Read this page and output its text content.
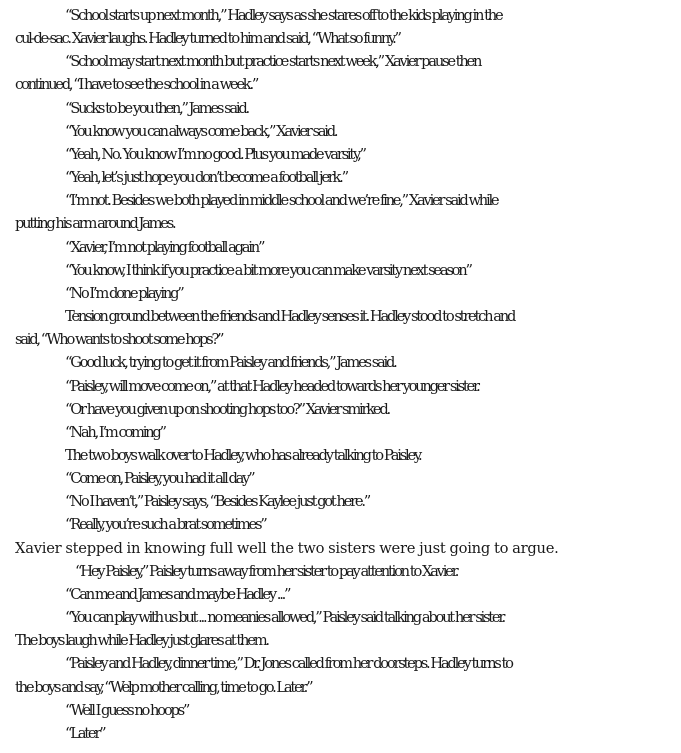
“School starts up next month,” Hadley says as she stares off to the kids playing in the
cul-de-sac. Xavier laughs. Hadley turned to him and said, “What so funny.”

“School may start next month but practice starts next week,” Xavier pause then
continued, “I have to see the school in a week.”

“Sucks to be you then,” James said.

“You know you can always come back,” Xavier said.

“Yeah, No. You know I’m no good. Plus you made varsity,”

“Yeah, let’s just hope you don’t become a football jerk.”

“I’m not. Besides we both played in middle school and we’re fine,” Xavier said while
putting his arm around James.

“Xavier, I’m not playing football again”

“You know, I think if you practice a bit more you can make varsity next season”

“No I’m done playing”

Tension ground between the friends and Hadley senses it. Hadley stood to stretch and
said, “Who wants to shoot some hops?”

“Good luck, trying to get it from Paisley and friends,” James said.

“Paisley, will move come on,” at that Hadley headed towards her younger sister.

“Or have you given up on shooting hops too?” Xavier smirked.

“Nah, I’m coming”

The two boys walk over to Hadley, who has already talking to Paisley.

“Come on, Paisley, you had it all day”

“No I haven’t,” Paisley says, “Besides Kaylee just got here.”

“Really, you’re such a brat sometimes”

Xavier stepped in knowing full well the two sisters were just going to argue.

“Hey Paisley,” Paisley turns away from her sister to pay attention to Xavier.

“Can me and James and maybe Hadley ...”

“You can play with us but ... no meanies allowed,” Paisley said talking about her sister.
The boys laugh while Hadley just glares at them.

“Paisley and Hadley, dinner time,” Dr. Jones called from her doorsteps. Hadley turns to
the boys and say, “Welp mother calling, time to go. Later.”

“Well I guess no hoops”

“Later”
